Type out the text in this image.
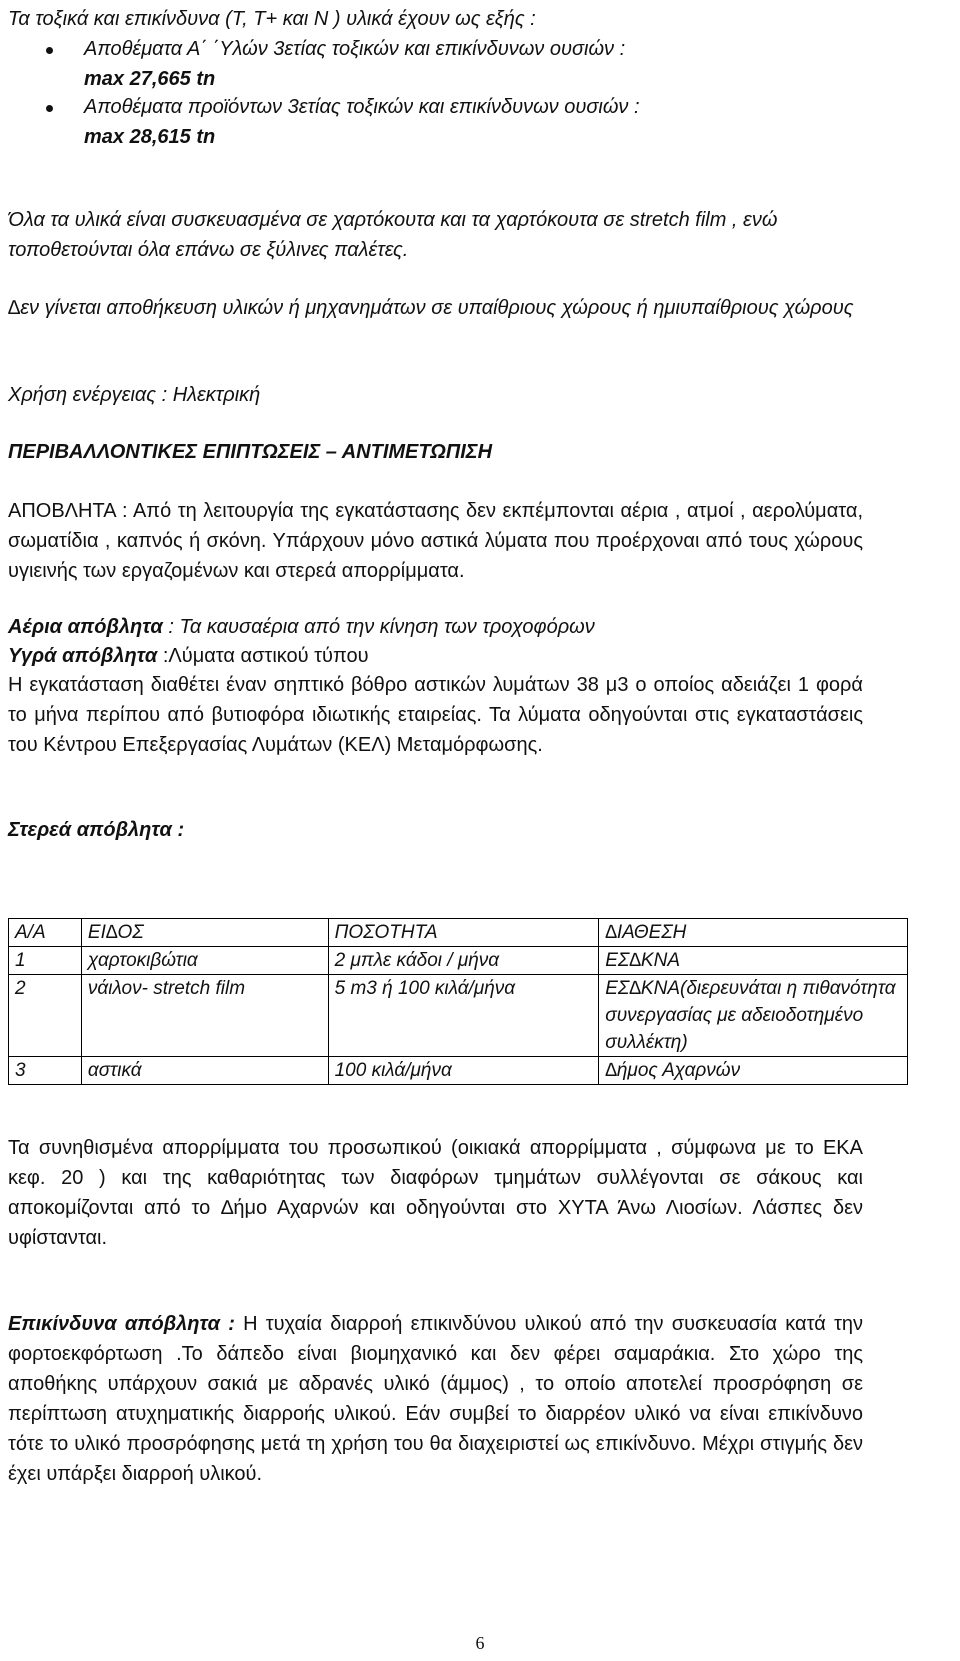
Τα τοξικά και επικίνδυνα (Τ, Τ+ και Ν ) υλικά έχουν ως εξής :

Αποθέματα Α΄ ΄Υλών 3ετίας τοξικών και επικίνδυνων ουσιών :
max 27,665 tn
Αποθέματα προϊόντων 3ετίας τοξικών και επικίνδυνων ουσιών :
max 28,615 tn

Όλα τα υλικά είναι συσκευασμένα σε χαρτόκουτα και τα χαρτόκουτα σε stretch film , ενώ τοποθετούνται όλα επάνω σε ξύλινες παλέτες.

∆εν γίνεται αποθήκευση υλικών ή μηχανημάτων σε υπαίθριους χώρους ή ημιυπαίθριους χώρους

Χρήση ενέργειας : Ηλεκτρική

ΠΕΡΙΒΑΛΛΟΝΤΙΚΕΣ ΕΠΙΠΤΩΣΕΙΣ – ΑΝΤΙΜΕΤΩΠΙΣΗ

ΑΠΟΒΛΗΤΑ : Από τη λειτουργία της εγκατάστασης δεν εκπέμπονται αέρια , ατμοί , αερολύματα, σωματίδια , καπνός ή σκόνη. Υπάρχουν μόνο αστικά λύματα που προέρχοναι από τους χώρους υγιεινής των εργαζομένων και στερεά απορρίμματα.

Αέρια απόβλητα : Τα καυσαέρια από την κίνηση των τροχοφόρων

Υγρά απόβλητα :Λύματα αστικού τύπου

Η εγκατάσταση διαθέτει έναν σηπτικό βόθρο αστικών λυμάτων 38 μ3 ο οποίος αδειάζει 1 φορά το μήνα περίπου από βυτιοφόρα ιδιωτικής εταιρείας. Τα λύματα οδηγούνται στις εγκαταστάσεις του Κέντρου Επεξεργασίας Λυμάτων (ΚΕΛ) Μεταμόρφωσης.

Στερεά απόβλητα :

Α/Α	ΕΙ∆ΟΣ	ΠΟΣΟΤΗΤΑ	∆ΙΑΘΕΣΗ
1	χαρτοκιβώτια	2 μπλε κάδοι / μήνα	ΕΣ∆ΚΝΑ
2	νάιλον- stretch film	5 m3 ή 100 κιλά/μήνα	ΕΣ∆ΚΝΑ(διερευνάται η πιθανότητα συνεργασίας με αδειοδοτημένο συλλέκτη)
3	αστικά	100 κιλά/μήνα	∆ήμος Αχαρνών

Τα συνηθισμένα απορρίμματα του προσωπικού (οικιακά απορρίμματα , σύμφωνα με το ΕΚΑ κεφ. 20 ) και της καθαριότητας των διαφόρων τμημάτων συλλέγονται σε σάκους και αποκομίζονται από το ∆ήμο Αχαρνών και οδηγούνται στο ΧΥΤΑ Άνω Λιοσίων. Λάσπες δεν υφίστανται.

Επικίνδυνα απόβλητα : Η τυχαία διαρροή επικινδύνου υλικού από την συσκευασία κατά την φορτοεκφόρτωση .Το δάπεδο είναι βιομηχανικό και δεν φέρει σαμαράκια. Στο χώρο της αποθήκης υπάρχουν σακιά με αδρανές υλικό (άμμος) , το οποίο αποτελεί προσρόφηση σε περίπτωση ατυχηματικής διαρροής υλικού. Εάν συμβεί το διαρρέον υλικό να είναι επικίνδυνο τότε το υλικό προσρόφησης μετά τη χρήση του θα διαχειριστεί ως επικίνδυνο. Μέχρι στιγμής δεν έχει υπάρξει διαρροή υλικού.

6
